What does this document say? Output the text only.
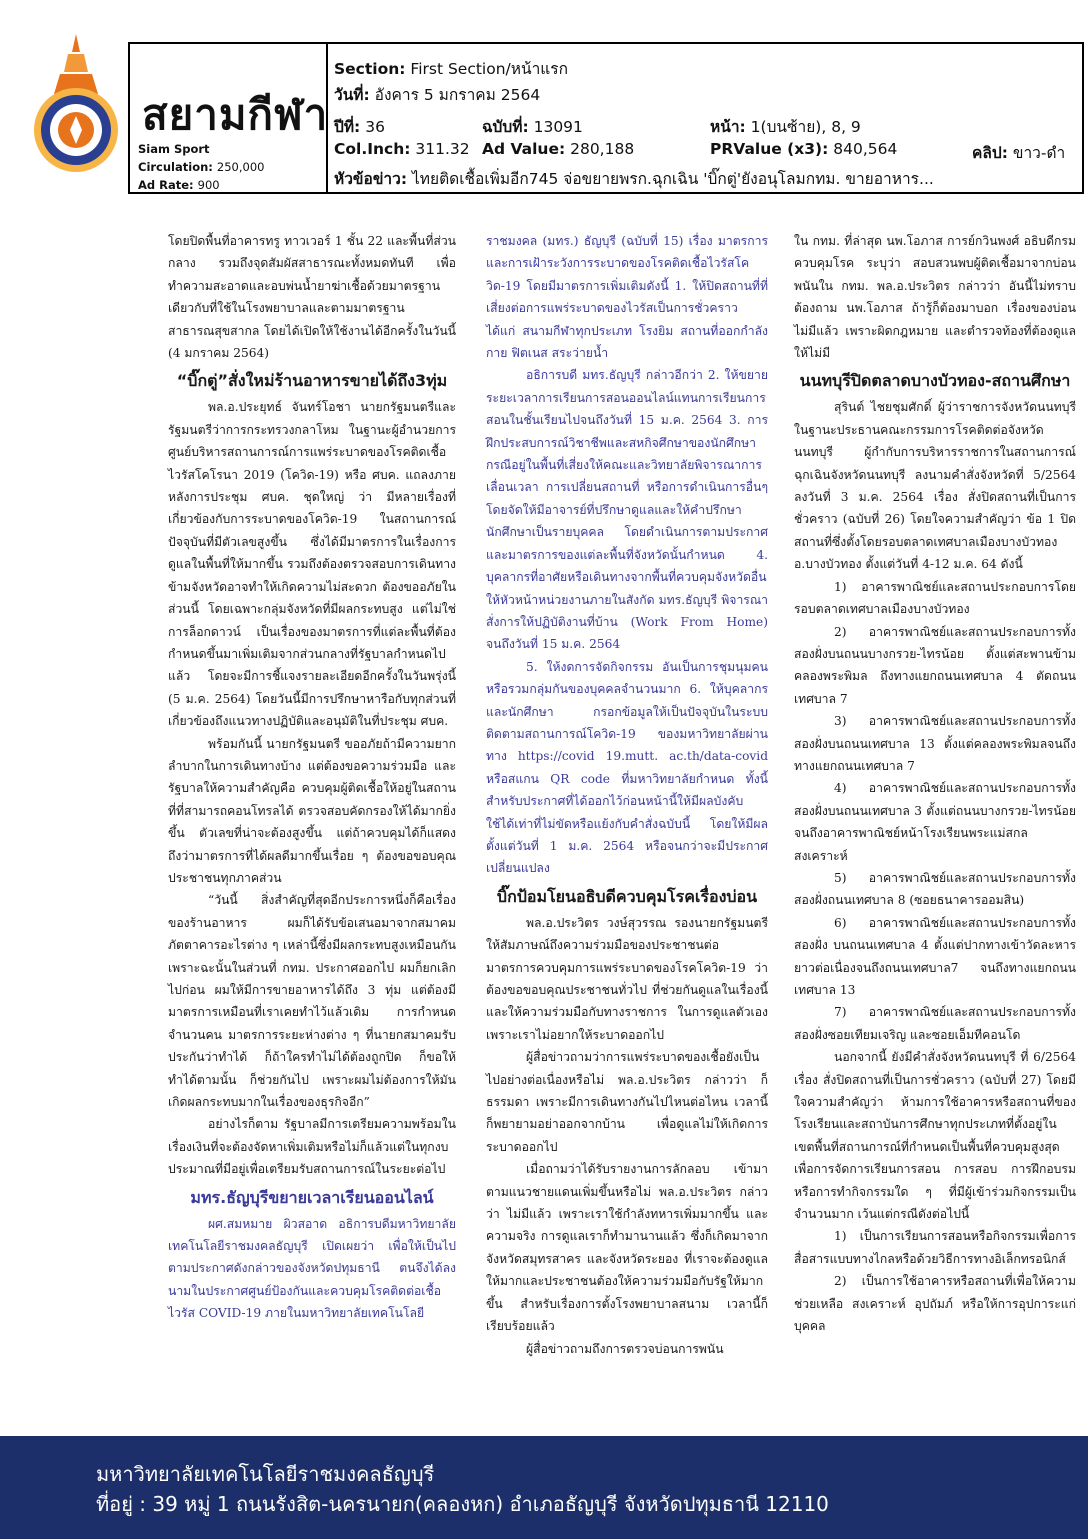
สยามกีฬา
Siam Sport
Circulation: 250,000
Ad Rate: 900
Section: First Section/หน้าแรก
วันที่: อังคาร 5 มกราคม 2564
ปีที่: 36	ฉบับที่: 13091	หน้า: 1(บนซ้าย), 8, 9
Col.Inch: 311.32 Ad Value: 280,188	PRValue (x3): 840,564	คลิป: ขาว-ดำ
หัวข้อข่าว: ไทยติดเชื้อเพิ่มอีก745 จ่อขยายพรก.ฉุกเฉิน 'บิ๊กตู่'ยังอนุโลมกทม. ขายอาหาร...

โดยปิดพื้นที่อาคารทรู ทาวเวอร์ 1 ชั้น 22 และพื้นที่ส่วนกลาง รวมถึงจุดสัมผัสสาธารณะทั้งหมดทันที เพื่อทำความสะอาดและอบพ่นน้ำยาฆ่าเชื้อด้วยมาตรฐานเดียวกับที่ใช้ในโรงพยาบาลและตามมาตรฐานสาธารณสุขสากล โดยได้เปิดให้ใช้งานได้อีกครั้งในวันนี้ (4 มกราคม 2564)

“บิ๊กตู่”สั่งใหม่ร้านอาหารขายได้ถึง3ทุ่ม

พล.อ.ประยุทธ์ จันทร์โอชา นายกรัฐมนตรีและรัฐมนตรีว่าการกระทรวงกลาโหม ในฐานะผู้อำนวยการศูนย์บริหารสถานการณ์การแพร่ระบาดของโรคติดเชื้อไวรัสโคโรนา 2019 (โควิด-19) หรือ ศบค. แถลงภายหลังการประชุม ศบค. ชุดใหญ่ ว่า มีหลายเรื่องที่เกี่ยวข้องกับการระบาดของโควิด-19 ในสถานการณ์ปัจจุบันที่มีตัวเลขสูงขึ้น ซึ่งได้มีมาตรการในเรื่องการดูแลในพื้นที่ให้มากขึ้น รวมถึงต้องตรวจสอบการเดินทางข้ามจังหวัดอาจทำให้เกิดความไม่สะดวก ต้องขออภัยในส่วนนี้ โดยเฉพาะกลุ่มจังหวัดที่มีผลกระทบสูง แต่ไม่ใช่การล็อกดาวน์ เป็นเรื่องของมาตรการที่แต่ละพื้นที่ต้องกำหนดขึ้นมาเพิ่มเติมจากส่วนกลางที่รัฐบาลกำหนดไปแล้ว โดยจะมีการชี้แจงรายละเอียดอีกครั้งในวันพรุ่งนี้ (5 ม.ค. 2564) โดยวันนี้มีการปรึกษาหารือกับทุกส่วนที่เกี่ยวข้องถึงแนวทางปฏิบัติและอนุมัติในที่ประชุม ศบค.

พร้อมกันนี้ นายกรัฐมนตรี ขออภัยถ้ามีความยากลำบากในการเดินทางบ้าง แต่ต้องขอความร่วมมือ และรัฐบาลให้ความสำคัญคือ ควบคุมผู้ติดเชื้อให้อยู่ในสถานที่ที่สามารถคอนโทรลได้ ตรวจสอบคัดกรองให้ได้มากยิ่งขึ้น ตัวเลขที่น่าจะต้องสูงขึ้น แต่ถ้าควบคุมได้ก็แสดงถึงว่ามาตรการที่ได้ผลดีมากขึ้นเรื่อย ๆ ต้องขอขอบคุณประชาชนทุกภาคส่วน

“วันนี้ สิ่งสำคัญที่สุดอีกประการหนึ่งก็คือเรื่องของร้านอาหาร ผมก็ได้รับข้อเสนอมาจากสมาคม ภัตตาคารอะไรต่าง ๆ เหล่านี้ซึ่งมีผลกระทบสูงเหมือนกัน เพราะฉะนั้นในส่วนที่ กทม. ประกาศออกไป ผมก็ยกเลิกไปก่อน ผมให้มีการขายอาหารได้ถึง 3 ทุ่ม แต่ต้องมีมาตรการเหมือนที่เราเคยทำไว้แล้วเดิม การกำหนดจำนวนคน มาตรการระยะห่างต่าง ๆ ที่นายกสมาคมรับประกันว่าทำได้ ก็ถ้าใครทำไม่ได้ต้องถูกปิด ก็ขอให้ทำได้ตามนั้น ก็ช่วยกันไป เพราะผมไม่ต้องการให้มันเกิดผลกระทบมากในเรื่องของธุรกิจอีก”

อย่างไรก็ตาม รัฐบาลมีการเตรียมความพร้อมในเรื่องเงินที่จะต้องจัดหาเพิ่มเติมหรือไม่ก็แล้วแต่ในทุกงบประมาณที่มีอยู่เพื่อเตรียมรับสถานการณ์ในระยะต่อไป

มทร.ธัญบุรีขยายเวลาเรียนออนไลน์

ผศ.สมหมาย ผิวสอาด อธิการบดีมหาวิทยาลัยเทคโนโลยีราชมงคลธัญบุรี เปิดเผยว่า เพื่อให้เป็นไปตามประกาศดังกล่าวของจังหวัดปทุมธานี ตนจึงได้ลงนามในประกาศศูนย์ป้องกันและควบคุมโรคติดต่อเชื้อไวรัส COVID-19 ภายในมหาวิทยาลัยเทคโนโลยี

ราชมงคล (มทร.) ธัญบุรี (ฉบับที่ 15) เรื่อง มาตรการและการเฝ้าระวังการระบาดของโรคติดเชื้อไวรัสโควิด-19 โดยมีมาตรการเพิ่มเติมดังนี้ 1. ให้ปิดสถานที่ที่เสี่ยงต่อการแพร่ระบาดของไวรัสเป็นการชั่วคราว ได้แก่ สนามกีฬาทุกประเภท โรงยิม สถานที่ออกกำลังกาย ฟิตเนส สระว่ายน้ำ

อธิการบดี มทร.ธัญบุรี กล่าวอีกว่า 2. ให้ขยายระยะเวลาการเรียนการสอนออนไลน์แทนการเรียนการสอนในชั้นเรียนไปจนถึงวันที่ 15 ม.ค. 2564 3. การฝึกประสบการณ์วิชาชีพและสหกิจศึกษาของนักศึกษา กรณีอยู่ในพื้นที่เสี่ยงให้คณะและวิทยาลัยพิจารณาการเลื่อนเวลา การเปลี่ยนสถานที่ หรือการดำเนินการอื่นๆ โดยจัดให้มีอาจารย์ที่ปรึกษาดูแลและให้คำปรึกษานักศึกษาเป็นรายบุคคล โดยดำเนินการตามประกาศและมาตรการของแต่ละพื้นที่จังหวัดนั้นกำหนด 4. บุคลากรที่อาศัยหรือเดินทางจากพื้นที่ควบคุมจังหวัดอื่น ให้หัวหน้าหน่วยงานภายในสังกัด มทร.ธัญบุรี พิจารณาสั่งการให้ปฏิบัติงานที่บ้าน (Work From Home) จนถึงวันที่ 15 ม.ค. 2564

5. ให้งดการจัดกิจกรรม อันเป็นการชุมนุมคนหรือรวมกลุ่มกันของบุคคลจำนวนมาก 6. ให้บุคลากรและนักศึกษา กรอกข้อมูลให้เป็นปัจจุบันในระบบติดตามสถานการณ์โควิด-19 ของมหาวิทยาลัยผ่านทาง https://covid 19.mutt. ac.th/data-covid หรือสแกน QR code ที่มหาวิทยาลัยกำหนด ทั้งนี้สำหรับประกาศที่ได้ออกไว้ก่อนหน้านี้ให้มีผลบังคับใช้ได้เท่าที่ไม่ขัดหรือแย้งกับคำสั่งฉบับนี้ โดยให้มีผลตั้งแต่วันที่ 1 ม.ค. 2564 หรือจนกว่าจะมีประกาศเปลี่ยนแปลง

บิ๊กป้อมโยนอธิบดีควบคุมโรคเรื่องบ่อน

พล.อ.ประวิตร วงษ์สุวรรณ รองนายกรัฐมนตรี ให้สัมภาษณ์ถึงความร่วมมือของประชาชนต่อมาตรการควบคุมการแพร่ระบาดของโรคโควิด-19 ว่า ต้องขอขอบคุณประชาชนทั่วไป ที่ช่วยกันดูแลในเรื่องนี้และให้ความร่วมมือกับทางราชการ ในการดูแลตัวเอง เพราะเราไม่อยากให้ระบาดออกไป

ผู้สื่อข่าวถามว่าการแพร่ระบาดของเชื้อยังเป็นไปอย่างต่อเนื่องหรือไม่ พล.อ.ประวิตร กล่าวว่า ก็ธรรมดา เพราะมีการเดินทางกันไปไหนต่อไหน เวลานี้ก็พยายามอย่าออกจากบ้าน เพื่อดูแลไม่ให้เกิดการระบาดออกไป

เมื่อถามว่าได้รับรายงานการลักลอบ เข้ามาตามแนวชายแดนเพิ่มขึ้นหรือไม่ พล.อ.ประวิตร กล่าวว่า ไม่มีแล้ว เพราะเราใช้กำลังทหารเพิ่มมากขึ้น และความจริง การดูแลเราก็ทำมานานแล้ว ซึ่งก็เกิดมาจากจังหวัดสมุทรสาคร และจังหวัดระยอง ที่เราจะต้องดูแลให้มากและประชาชนต้องให้ความร่วมมือกับรัฐให้มากขึ้น สำหรับเรื่องการตั้งโรงพยาบาลสนาม เวลานี้ก็เรียบร้อยแล้ว

ผู้สื่อข่าวถามถึงการตรวจบ่อนการพนัน

ใน กทม. ที่ล่าสุด นพ.โอภาส การย์กวินพงศ์ อธิบดีกรมควบคุมโรค ระบุว่า สอบสวนพบผู้ติดเชื้อมาจากบ่อนพนันใน กทม. พล.อ.ประวิตร กล่าวว่า อันนี้ไม่ทราบต้องถาม นพ.โอภาส ถ้ารู้ก็ต้องมาบอก เรื่องของบ่อนไม่มีแล้ว เพราะผิดกฎหมาย และตำรวจท้องที่ต้องดูแลให้ไม่มี

นนทบุรีปิดตลาดบางบัวทอง-สถานศึกษา

สุรินต์ ไชยชุมศักดิ์ ผู้ว่าราชการจังหวัดนนทบุรี ในฐานะประธานคณะกรรมการโรคติดต่อจังหวัดนนทบุรี ผู้กำกับการบริหารราชการในสถานการณ์ฉุกเฉินจังหวัดนนทบุรี ลงนามคำสั่งจังหวัดที่ 5/2564 ลงวันที่ 3 ม.ค. 2564 เรื่อง สั่งปิดสถานที่เป็นการชั่วคราว (ฉบับที่ 26) โดยใจความสำคัญว่า ข้อ 1 ปิดสถานที่ซึ่งตั้งโดยรอบตลาดเทศบาลเมืองบางบัวทอง อ.บางบัวทอง ตั้งแต่วันที่ 4-12 ม.ค. 64 ดังนี้

1) อาคารพาณิชย์และสถานประกอบการโดยรอบตลาดเทศบาลเมืองบางบัวทอง

2) อาคารพาณิชย์และสถานประกอบการทั้งสองฝั่งบนถนนบางกรวย-ไทรน้อย ตั้งแต่สะพานข้ามคลองพระพิมล ถึงทางแยกถนนเทศบาล 4 ตัดถนนเทศบาล 7

3) อาคารพาณิชย์และสถานประกอบการทั้งสองฝั่งบนถนนเทศบาล 13 ตั้งแต่คลองพระพิมลจนถึงทางแยกถนนเทศบาล 7

4) อาคารพาณิชย์และสถานประกอบการทั้งสองฝั่งบนถนนเทศบาล 3 ตั้งแต่ถนนบางกรวย-ไทรน้อย จนถึงอาคารพาณิชย์หน้าโรงเรียนพระแม่สกลสงเคราะห์

5) อาคารพาณิชย์และสถานประกอบการทั้งสองฝั่งถนนเทศบาล 8 (ซอยธนาคารออมสิน)

6) อาคารพาณิชย์และสถานประกอบการทั้งสองฝั่ง บนถนนเทศบาล 4 ตั้งแต่ปากทางเข้าวัดละหาร ยาวต่อเนื่องจนถึงถนนเทศบาล7 จนถึงทางแยกถนนเทศบาล 13

7) อาคารพาณิชย์และสถานประกอบการทั้งสองฝั่งซอยเทียมเจริญ และซอยเอ็มทีคอนโด

นอกจากนี้ ยังมีคำสั่งจังหวัดนนทบุรี ที่ 6/2564 เรื่อง สั่งปิดสถานที่เป็นการชั่วคราว (ฉบับที่ 27) โดยมีใจความสำคัญว่า ห้ามการใช้อาคารหรือสถานที่ของโรงเรียนและสถาบันการศึกษาทุกประเภทที่ตั้งอยู่ในเขตพื้นที่สถานการณ์ที่กำหนดเป็นพื้นที่ควบคุมสูงสุด เพื่อการจัดการเรียนการสอน การสอบ การฝึกอบรม หรือการทำกิจกรรมใด ๆ ที่มีผู้เข้าร่วมกิจกรรมเป็นจำนวนมาก เว้นแต่กรณีดังต่อไปนี้

1) เป็นการเรียนการสอนหรือกิจกรรมเพื่อการสื่อสารแบบทางไกลหรือด้วยวิธีการทางอิเล็กทรอนิกส์

2) เป็นการใช้อาคารหรือสถานที่เพื่อให้ความช่วยเหลือ สงเคราะห์ อุปถัมภ์ หรือให้การอุปการะแก่บุคคล

มหาวิทยาลัยเทคโนโลยีราชมงคลธัญบุรี
ที่อยู่ : 39 หมู่ 1 ถนนรังสิต-นครนายก(คลองหก) อำเภอธัญบุรี จังหวัดปทุมธานี 12110
